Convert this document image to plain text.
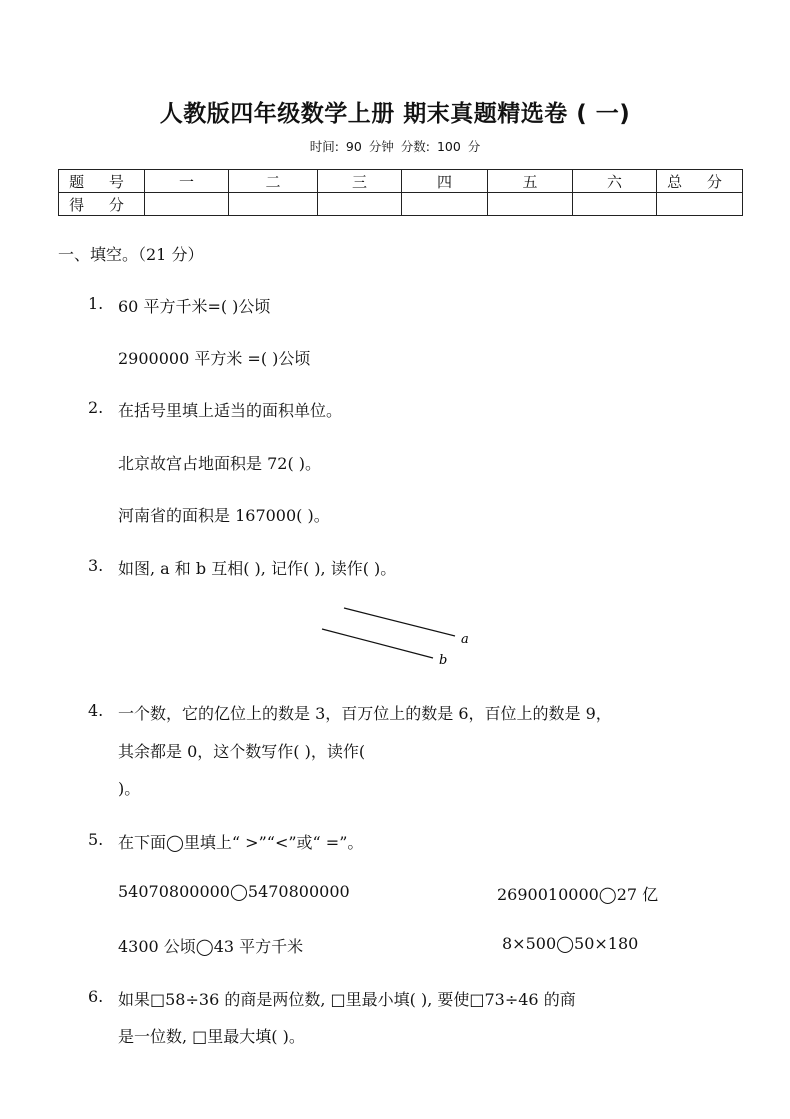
人教版四年级数学上册 期末真题精选卷 ( 一)
时间: 90 分钟 分数: 100 分
题 号	一	二	三	四	五	六	总 分
得 分							
一、填空。（21 分）
1. 60 平方千米=( )公顷
2900000 平方米 =( )公顷
2. 在括号里填上适当的面积单位。
北京故宫占地面积是 72( )。
河南省的面积是 167000( )。
3. 如图, a 和 b 互相( ), 记作( ), 读作( )。
a
b
4. 一个数，它的亿位上的数是 3，百万位上的数是 6，百位上的数是 9，
其余都是 0，这个数写作( )，读作(
)。
5. 在下面◯里填上“ >”“<”或“ =”。
54070800000◯5470800000	2690010000◯27 亿
4300 公顷◯43 平方千米	8×500◯50×180
6. 如果□58÷36 的商是两位数, □里最小填( ), 要使□73÷46 的商
是一位数, □里最大填( )。
